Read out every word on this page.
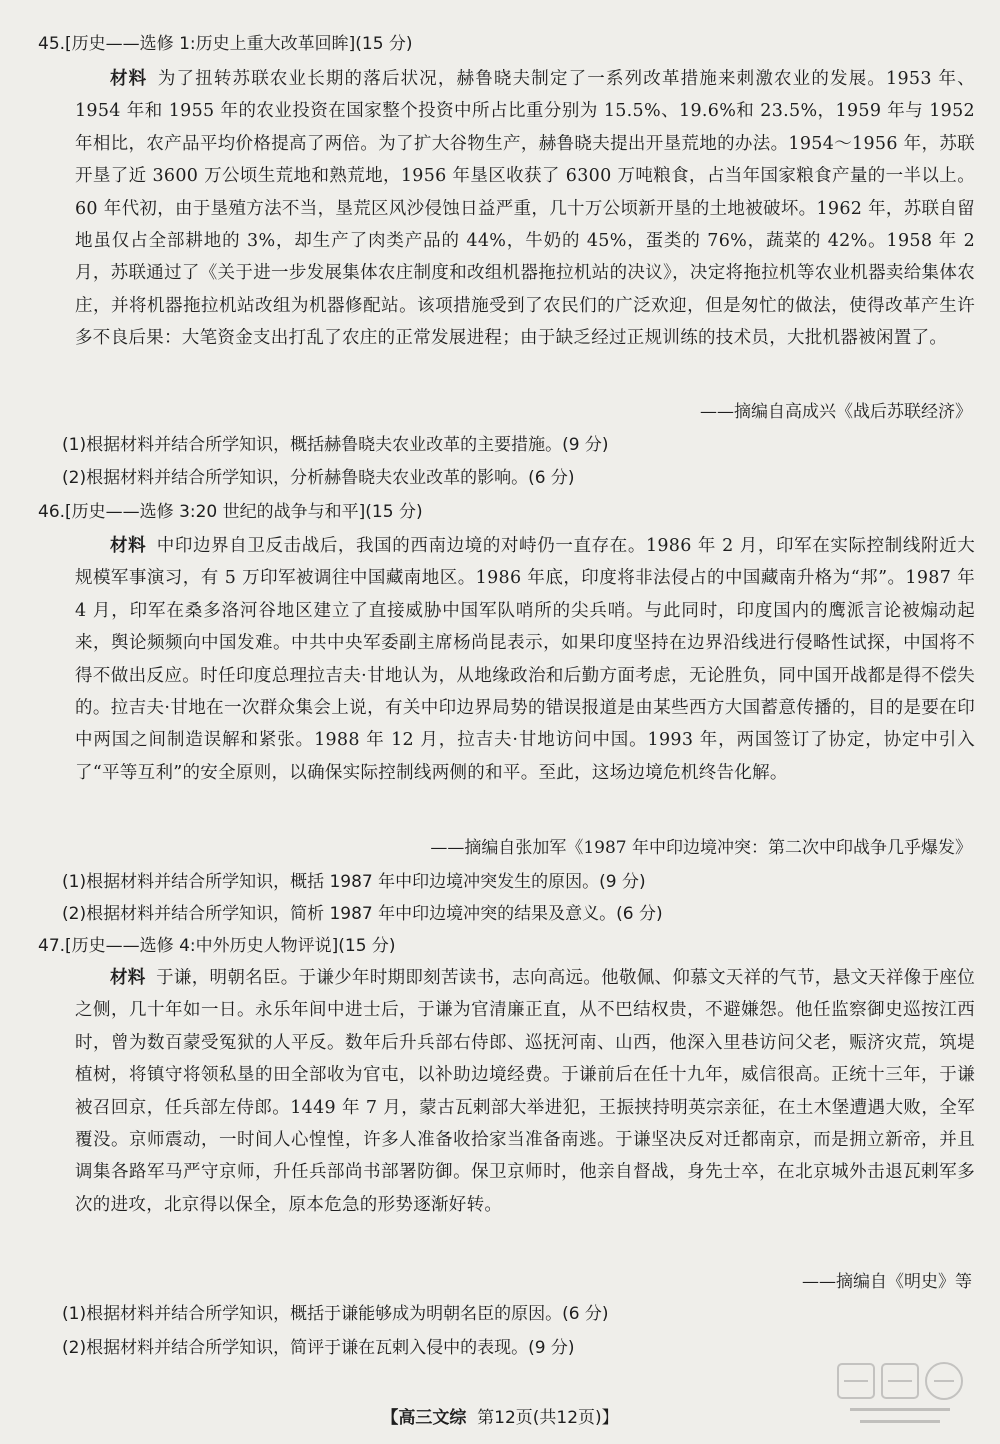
45.[历史——选修 1:历史上重大改革回眸](15 分)
材料 为了扭转苏联农业长期的落后状况，赫鲁晓夫制定了一系列改革措施来刺激农业的发展。1953 年、1954 年和 1955 年的农业投资在国家整个投资中所占比重分别为 15.5%、19.6%和 23.5%，1959 年与 1952 年相比，农产品平均价格提高了两倍。为了扩大谷物生产，赫鲁晓夫提出开垦荒地的办法。1954～1956 年，苏联开垦了近 3600 万公顷生荒地和熟荒地，1956 年垦区收获了 6300 万吨粮食，占当年国家粮食产量的一半以上。60 年代初，由于垦殖方法不当，垦荒区风沙侵蚀日益严重，几十万公顷新开垦的土地被破坏。1962 年，苏联自留地虽仅占全部耕地的 3%，却生产了肉类产品的 44%，牛奶的 45%，蛋类的 76%，蔬菜的 42%。1958 年 2 月，苏联通过了《关于进一步发展集体农庄制度和改组机器拖拉机站的决议》，决定将拖拉机等农业机器卖给集体农庄，并将机器拖拉机站改组为机器修配站。该项措施受到了农民们的广泛欢迎，但是匆忙的做法，使得改革产生许多不良后果：大笔资金支出打乱了农庄的正常发展进程；由于缺乏经过正规训练的技术员，大批机器被闲置了。
——摘编自高成兴《战后苏联经济》
(1)根据材料并结合所学知识，概括赫鲁晓夫农业改革的主要措施。(9 分)
(2)根据材料并结合所学知识，分析赫鲁晓夫农业改革的影响。(6 分)
46.[历史——选修 3:20 世纪的战争与和平](15 分)
材料 中印边界自卫反击战后，我国的西南边境的对峙仍一直存在。1986 年 2 月，印军在实际控制线附近大规模军事演习，有 5 万印军被调往中国藏南地区。1986 年底，印度将非法侵占的中国藏南升格为“邦”。1987 年 4 月，印军在桑多洛河谷地区建立了直接威胁中国军队哨所的尖兵哨。与此同时，印度国内的鹰派言论被煽动起来，舆论频频向中国发难。中共中央军委副主席杨尚昆表示，如果印度坚持在边界沿线进行侵略性试探，中国将不得不做出反应。时任印度总理拉吉夫·甘地认为，从地缘政治和后勤方面考虑，无论胜负，同中国开战都是得不偿失的。拉吉夫·甘地在一次群众集会上说，有关中印边界局势的错误报道是由某些西方大国蓄意传播的，目的是要在印中两国之间制造误解和紧张。1988 年 12 月，拉吉夫·甘地访问中国。1993 年，两国签订了协定，协定中引入了“平等互利”的安全原则，以确保实际控制线两侧的和平。至此，这场边境危机终告化解。
——摘编自张加军《1987 年中印边境冲突：第二次中印战争几乎爆发》
(1)根据材料并结合所学知识，概括 1987 年中印边境冲突发生的原因。(9 分)
(2)根据材料并结合所学知识，简析 1987 年中印边境冲突的结果及意义。(6 分)
47.[历史——选修 4:中外历史人物评说](15 分)
材料 于谦，明朝名臣。于谦少年时期即刻苦读书，志向高远。他敬佩、仰慕文天祥的气节，悬文天祥像于座位之侧，几十年如一日。永乐年间中进士后，于谦为官清廉正直，从不巴结权贵，不避嫌怨。他任监察御史巡按江西时，曾为数百蒙受冤狱的人平反。数年后升兵部右侍郎、巡抚河南、山西，他深入里巷访问父老，赈济灾荒，筑堤植树，将镇守将领私垦的田全部收为官屯，以补助边境经费。于谦前后在任十九年，威信很高。正统十三年，于谦被召回京，任兵部左侍郎。1449 年 7 月，蒙古瓦剌部大举进犯，王振挟持明英宗亲征，在土木堡遭遇大败，全军覆没。京师震动，一时间人心惶惶，许多人准备收拾家当准备南逃。于谦坚决反对迁都南京，而是拥立新帝，并且调集各路军马严守京师，升任兵部尚书部署防御。保卫京师时，他亲自督战，身先士卒，在北京城外击退瓦剌军多次的进攻，北京得以保全，原本危急的形势逐渐好转。
——摘编自《明史》等
(1)根据材料并结合所学知识，概括于谦能够成为明朝名臣的原因。(6 分)
(2)根据材料并结合所学知识，简评于谦在瓦剌入侵中的表现。(9 分)
【高三文综 第12页(共12页)】
